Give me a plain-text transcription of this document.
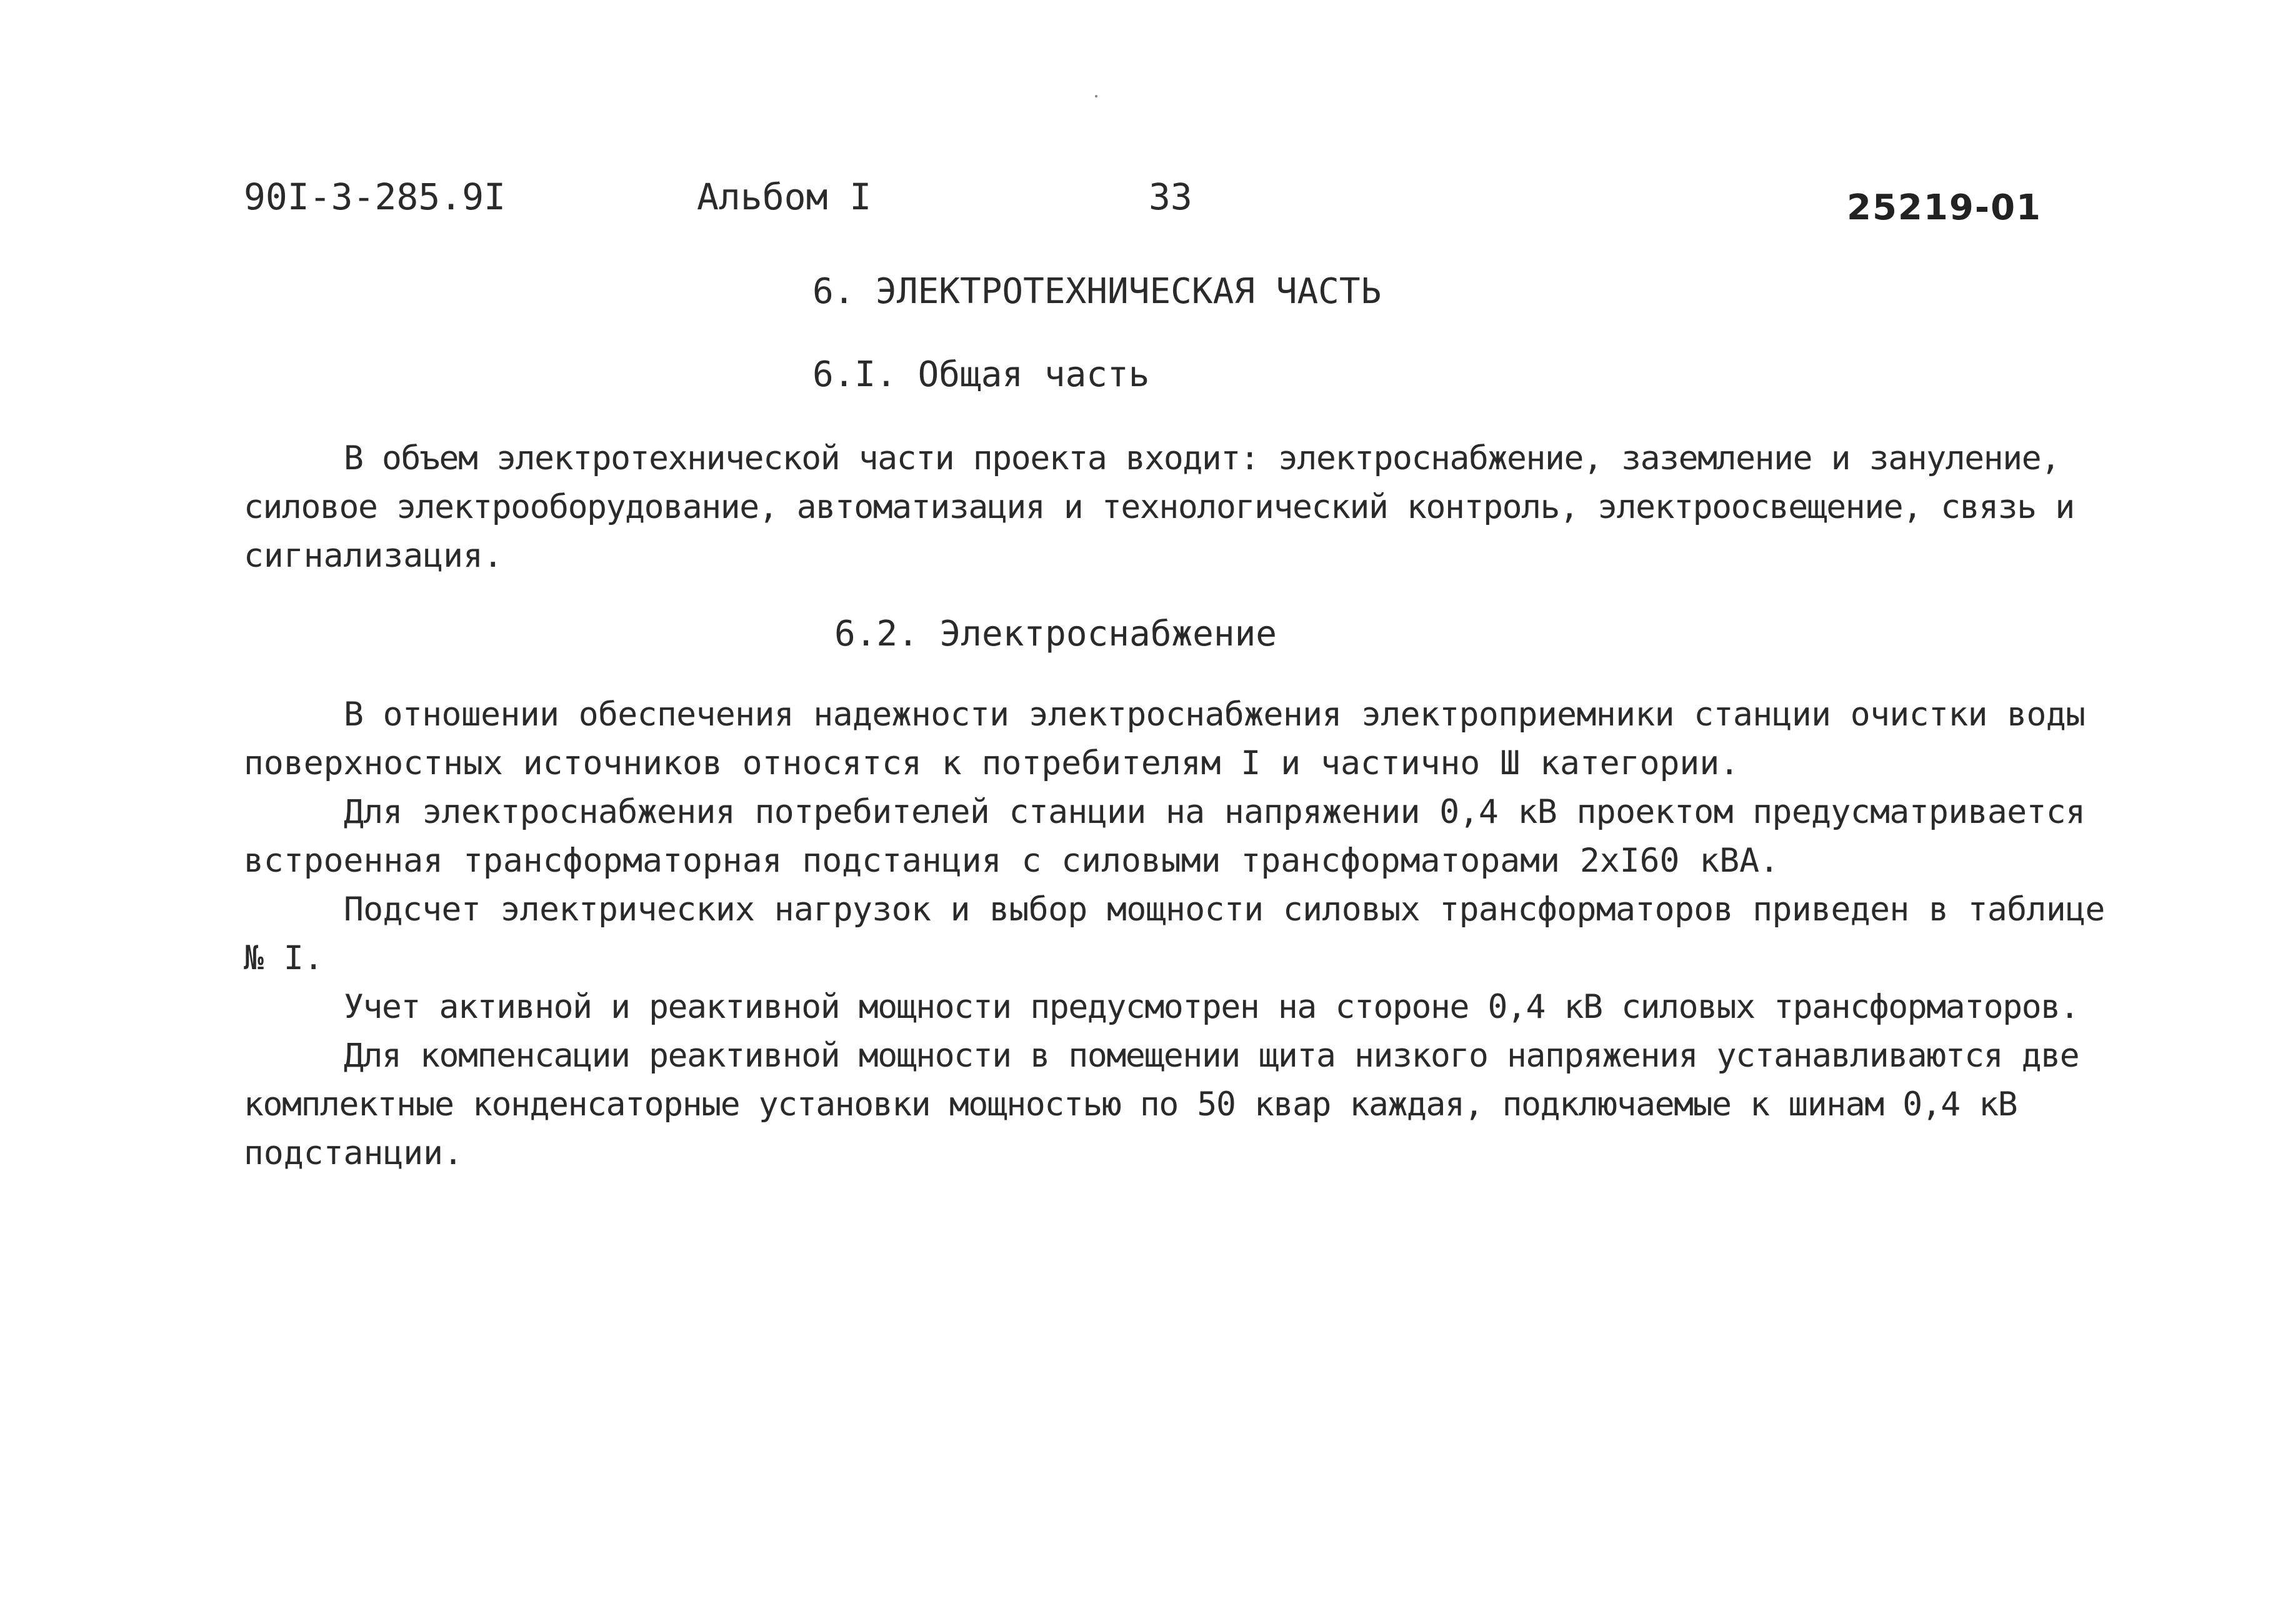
90I-3-285.9I	Альбом I	33	25219-01
6. ЭЛЕКТРОТЕХНИЧЕСКАЯ ЧАСТЬ
6.I. Общая часть
В объем электротехнической части проекта входит: электроснабжение, заземление и зануление,
силовое электрооборудование, автоматизация и технологический контроль, электроосвещение, связь и
сигнализация.
6.2. Электроснабжение
В отношении обеспечения надежности электроснабжения электроприемники станции очистки воды
поверхностных источников относятся к потребителям I и частично Ш категории.
Для электроснабжения потребителей станции на напряжении 0,4 кВ проектом предусматривается
встроенная трансформаторная подстанция с силовыми трансформаторами 2хI60 кВА.
Подсчет электрических нагрузок и выбор мощности силовых трансформаторов приведен в таблице
№ I.
Учет активной и реактивной мощности предусмотрен на стороне 0,4 кВ силовых трансформаторов.
Для компенсации реактивной мощности в помещении щита низкого напряжения устанавливаются две
комплектные конденсаторные установки мощностью по 50 квар каждая, подключаемые к шинам 0,4 кВ
подстанции.
